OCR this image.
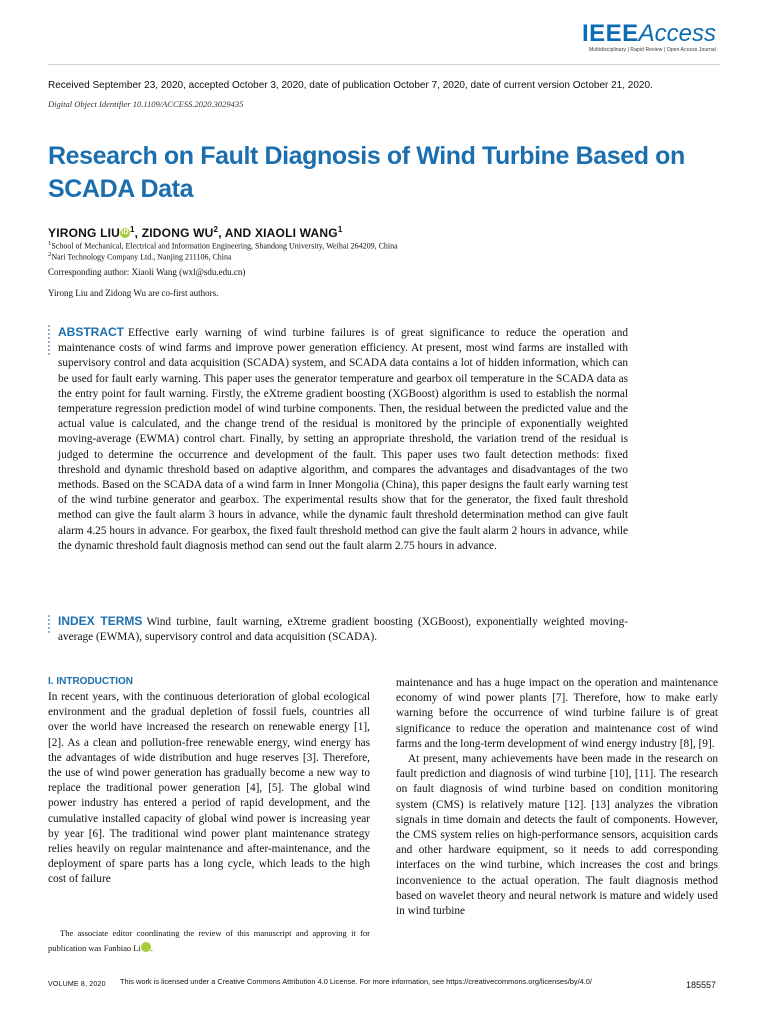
IEEEAccess
Multidisciplinary | Rapid Review | Open Access Journal
Received September 23, 2020, accepted October 3, 2020, date of publication October 7, 2020, date of current version October 21, 2020.
Digital Object Identifier 10.1109/ACCESS.2020.3029435
Research on Fault Diagnosis of Wind Turbine Based on SCADA Data
YIRONG LIUiD$^1$, ZIDONG $WU^2$, AND XIAOLI WANG$^1$
$^1$School of Mechanical, Electrical and Information Engineering, Shandong University, Weihai 264209, China
$^2$Nari Technology Company Ltd., Nanjing 211106, China
Corresponding author: Xiaoli Wang (wxl@sdu.edu.cn)
Yirong Liu and Zidong Wu are co-first authors.
ABSTRACT Effective early warning of wind turbine failures is of great significance to reduce the operation and maintenance costs of wind farms and improve power generation efficiency. At present, most wind farms are installed with supervisory control and data acquisition (SCADA) system, and SCADA data contains a lot of hidden information, which can be used for fault early warning. This paper uses the generator temperature and gearbox oil temperature in the SCADA data as the entry point for fault warning. Firstly, the eXtreme gradient boosting (XGBoost) algorithm is used to establish the normal temperature regression prediction model of wind turbine components. Then, the residual between the predicted value and the actual value is calculated, and the change trend of the residual is monitored by the principle of exponentially weighted moving-average (EWMA) control chart. Finally, by setting an appropriate threshold, the variation trend of the residual is judged to determine the occurrence and development of the fault. This paper uses two fault detection methods: fixed threshold and dynamic threshold based on adaptive algorithm, and compares the advantages and disadvantages of the two methods. Based on the SCADA data of a wind farm in Inner Mongolia (China), this paper designs the fault early warning test of the wind turbine generator and gearbox. The experimental results show that for the generator, the fixed fault threshold method can give the fault alarm 3 hours in advance, while the dynamic fault threshold determination method can give fault alarm 4.25 hours in advance. For gearbox, the fixed fault threshold method can give the fault alarm 2 hours in advance, while the dynamic threshold fault diagnosis method can send out the fault alarm 2.75 hours in advance.
INDEX TERMS Wind turbine, fault warning, eXtreme gradient boosting (XGBoost), exponentially weighted moving-average (EWMA), supervisory control and data acquisition (SCADA).
I. INTRODUCTION
In recent years, with the continuous deterioration of global ecological environment and the gradual depletion of fossil fuels, countries all over the world have increased the research on renewable energy [1], [2]. As a clean and pollution-free renewable energy, wind energy has the advantages of wide distribution and huge reserves [3]. Therefore, the use of wind power generation has gradually become a new way to replace the traditional power generation [4], [5]. The global wind power industry has entered a period of rapid development, and the cumulative installed capacity of global wind power is increasing year by year [6]. The traditional wind power plant maintenance strategy relies heavily on regular maintenance and after-maintenance, and the deployment of spare parts has a long cycle, which leads to the high cost of failure

maintenance and has a huge impact on the operation and maintenance economy of wind power plants [7]. Therefore, how to make early warning before the occurrence of wind turbine failure is of great significance to reduce the operation and maintenance cost of wind farms and the long-term development of wind energy industry [8], [9].

At present, many achievements have been made in the research on fault prediction and diagnosis of wind turbine [10], [11]. The research on fault diagnosis of wind turbine based on condition monitoring system (CMS) is relatively mature [12]. [13] analyzes the vibration signals in time domain and detects the fault of components. However, the CMS system relies on high-performance sensors, acquisition cards and other hardware equipment, so it needs to add corresponding interfaces on the wind turbine, which increases the cost and brings inconvenience to the actual operation. The fault diagnosis method based on wavelet theory and neural network is mature and widely used in wind turbine

The associate editor coordinating the review of this manuscript and approving it for publication was Fanbiao Li iD.
VOLUME 8, 2020 This work is licensed under a Creative Commons Attribution 4.0 License. For more information, see https://creativecommons.org/licenses/by/4.0/	185557
